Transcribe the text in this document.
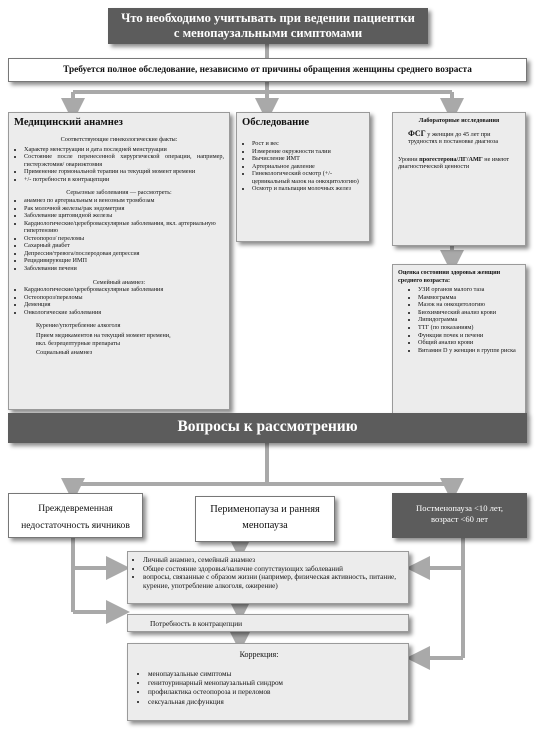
Что необходимо учитывать при ведении пациентки
с менопаузальными симптомами
Требуется полное обследование, независимо от причины обращения женщины среднего возраста
Медицинский анамнез
Соответствующие гинекологические факты:
• Характер менструации и дата последней менструации
• Состояние после перенесенной хирургической операции, например, гистерэктомия/ овариэктомия
• Применение гормональной терапии на текущий момент времени
• +/- потребности в контрацепции
Серьезные заболевания — рассмотреть:
• анамнез по артериальным и венозным тромбозам
• Рак молочной железы/рак эндометрия
• Заболевание щитовидной железы
• Кардиологические/цереброваскулярные заболевания, вкл. артериальную гипертензию
• Остеопороз/ переломы
• Сахарный диабет
• Депрессия/тревога/послеродовая депрессия
• Рецидивирующие ИМП
• Заболевания печени
Семейный анамнез:
• Кардиологические/цереброваскулярные заболевания
• Остеопороз/переломы
• Деменция
• Онкологические заболевания
Курение/употребление алкоголя
Прием медикаментов на текущий момент времени,
вкл. безрецептурные препараты
Социальный анамнез
Обследование
• Рост и вес
• Измерение окружности талии
• Вычисление ИМТ
• Артериальное давление
• Гинекологический осмотр (+/- цервикальный мазок на онкоцитологию)
• Осмотр и пальпация молочных желез
Лабораторные исследования
ФСГ у женщин до 45 лет при трудностях в постановке диагноза
Уровни прогестерона/ЛГ/АМГ не имеют диагностической ценности
Оценка состояния здоровья женщин среднего возраста:
• УЗИ органов малого таза
• Маммограмма
• Мазок на онкоцитологию
• Биохимический анализ крови
• Липидограмма
• ТТГ (по показаниям)
• Функция почек и печени
• Общий анализ крови
• Витамин D у женщин в группе риска
Вопросы к рассмотрению
Преждевременная недостаточность яичников
Перименопауза и ранняя менопауза
Постменопауза <10 лет, возраст <60 лет
• Личный анамнез, семейный анамнез
• Общее состояние здоровья/наличие сопутствующих заболеваний
• вопросы, связанные с образом жизни (например, физическая активность, питание, курение, употребление алкоголя, ожирение)
Потребность в контрацепции
Коррекция:
• менопаузальные симптомы
• генитоуринарный менопаузальный синдром
• профилактика остеопороза и переломов
• сексуальная дисфункция
